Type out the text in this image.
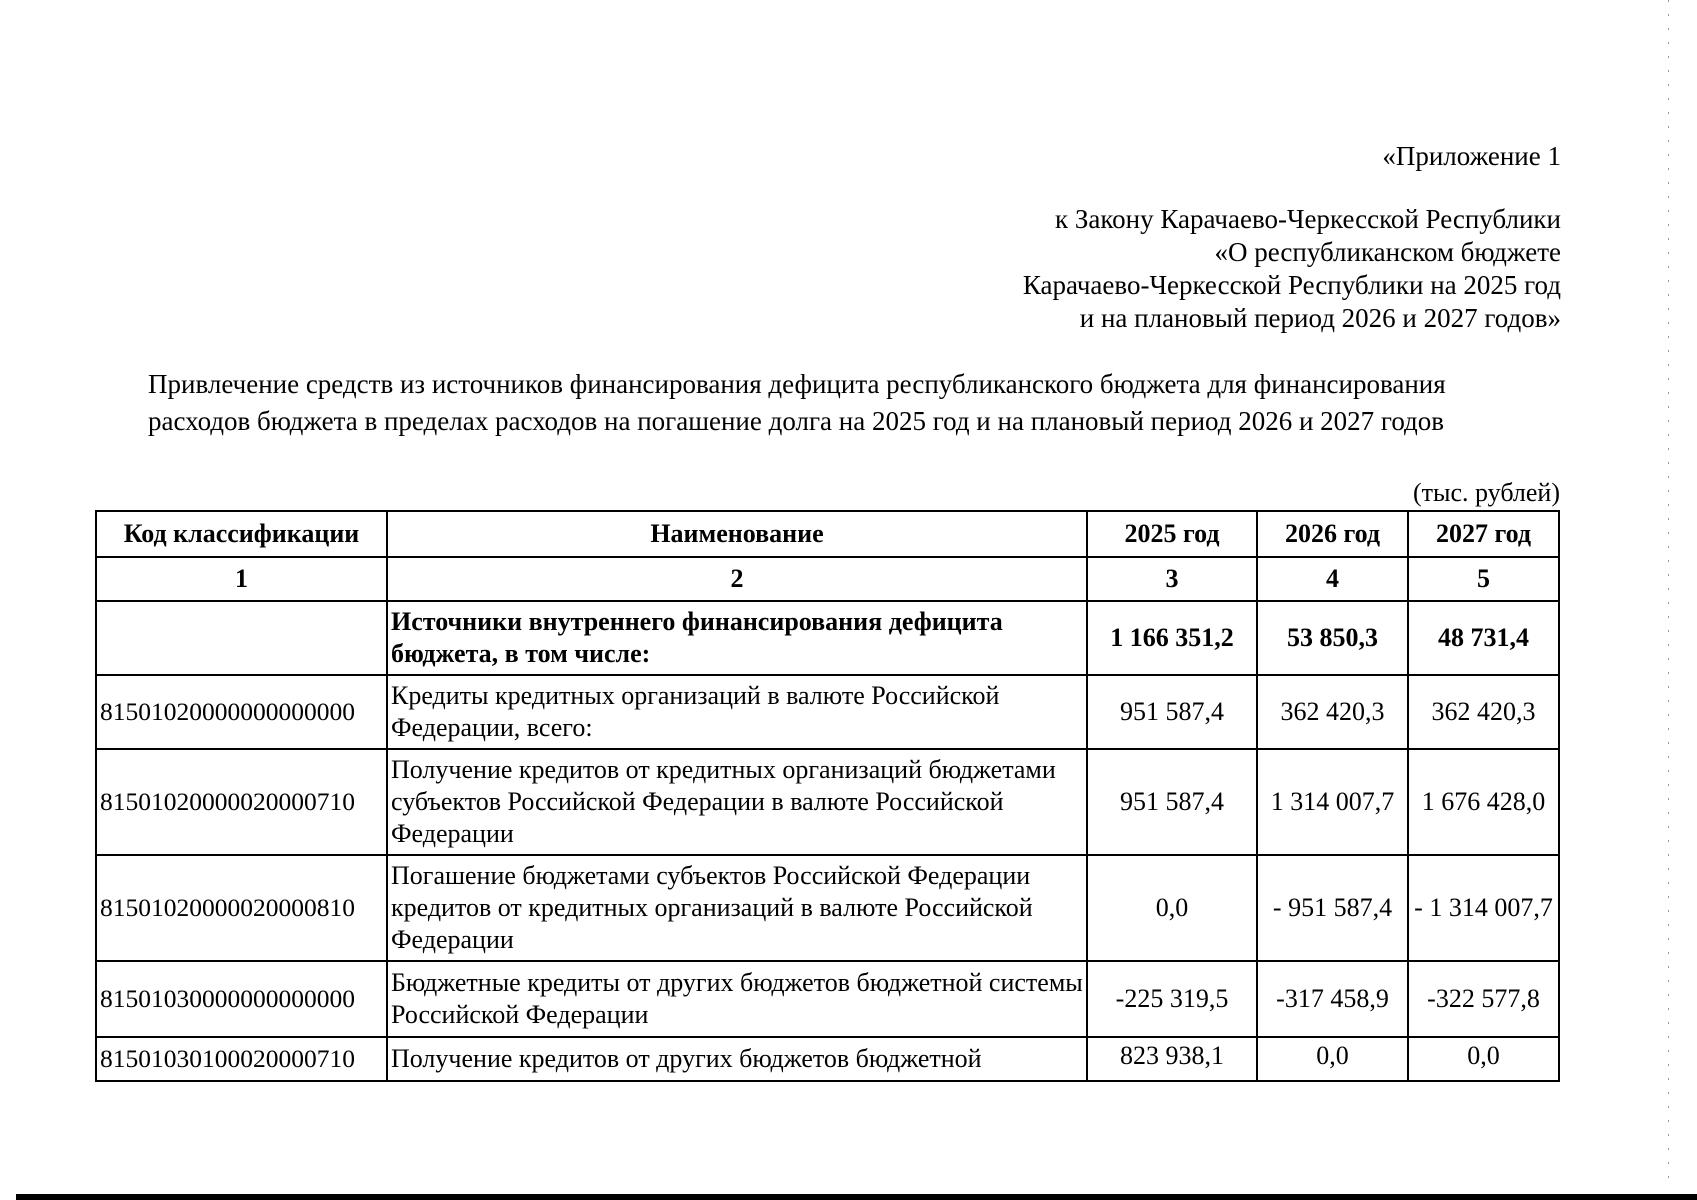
«Приложение 1
к Закону Карачаево-Черкесской Республики
«О республиканском бюджете
Карачаево-Черкесской Республики на 2025 год
и на плановый период 2026 и 2027 годов»
Привлечение средств из источников финансирования дефицита республиканского бюджета для финансирования
расходов бюджета в пределах расходов на погашение долга на 2025 год и на плановый период 2026 и 2027 годов
(тыс. рублей)
Код классификации	Наименование	2025 год	2026 год	2027 год
1	2	3	4	5
	Источники внутреннего финансирования дефицита бюджета, в том числе:	1 166 351,2	53 850,3	48 731,4
81501020000000000000	Кредиты кредитных организаций в валюте Российской Федерации, всего:	951 587,4	362 420,3	362 420,3
81501020000020000710	Получение кредитов от кредитных организаций бюджетами субъектов Российской Федерации в валюте Российской Федерации	951 587,4	1 314 007,7	1 676 428,0
81501020000020000810	Погашение бюджетами субъектов Российской Федерации кредитов от кредитных организаций в валюте Российской Федерации	0,0	- 951 587,4	- 1 314 007,7
81501030000000000000	Бюджетные кредиты от других бюджетов бюджетной системы Российской Федерации	-225 319,5	-317 458,9	-322 577,8
81501030100020000710	Получение кредитов от других бюджетов бюджетной	823 938,1	0,0	0,0
